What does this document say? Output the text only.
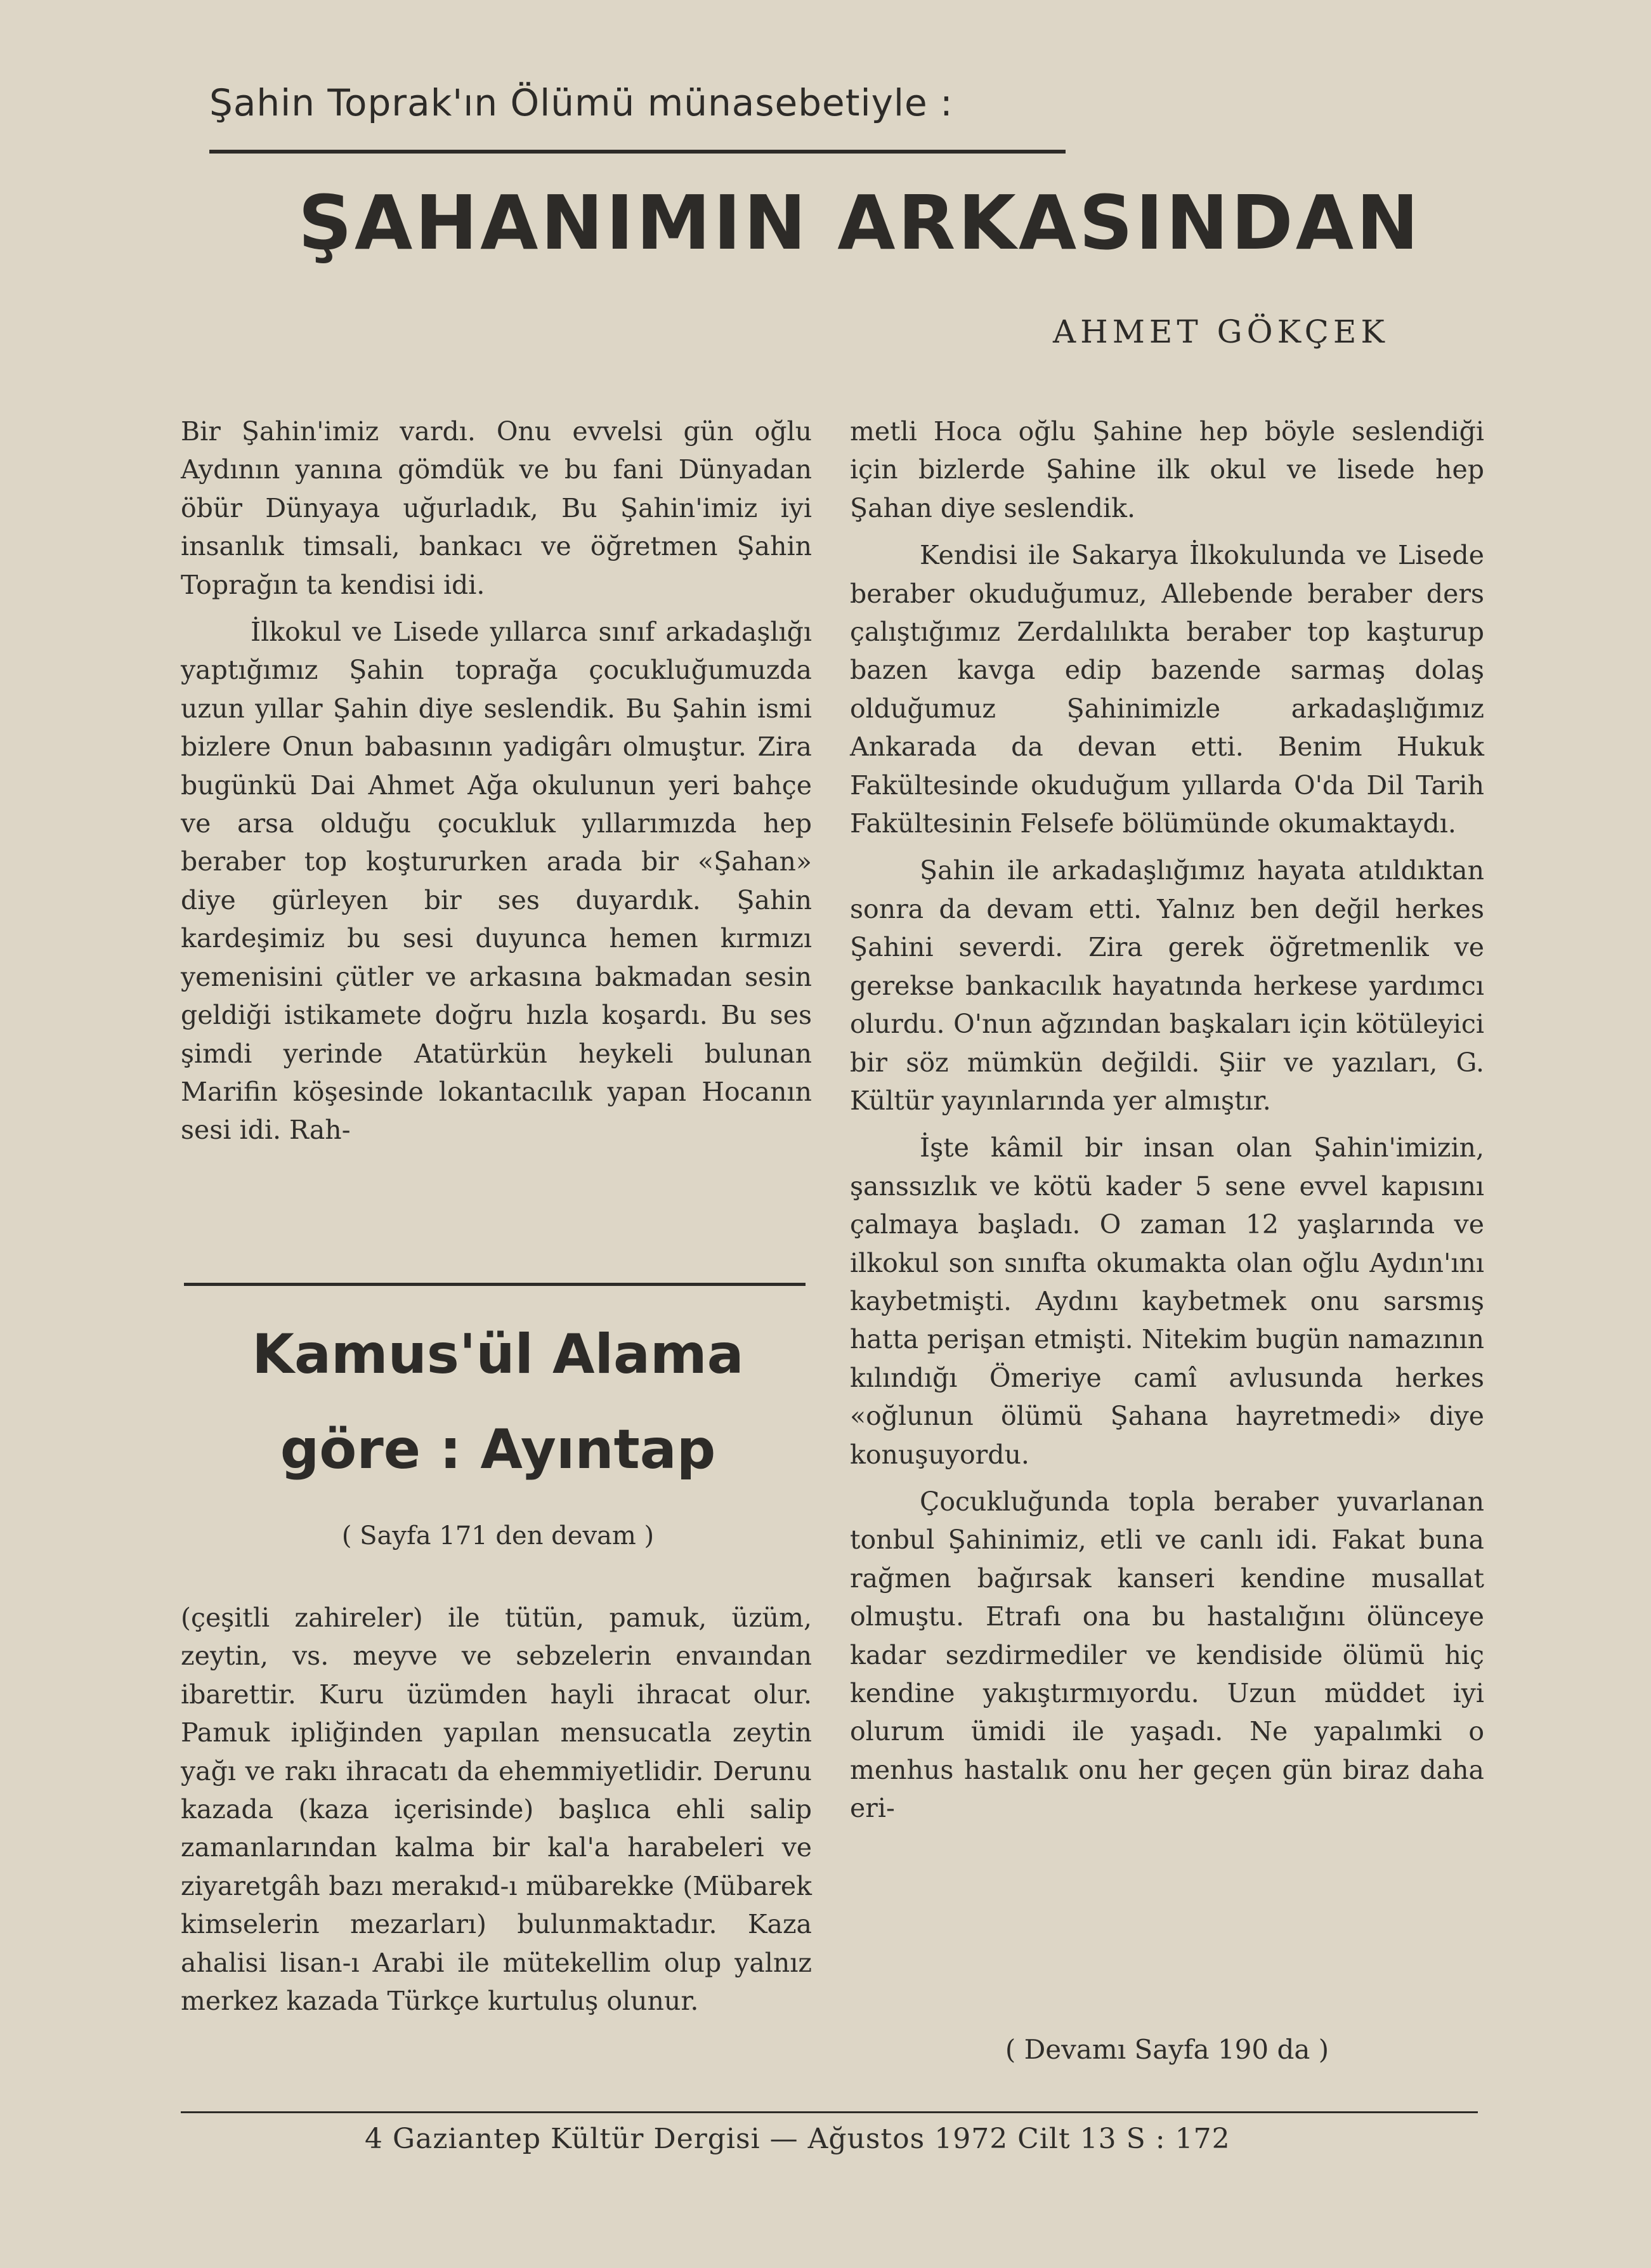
Şahin Toprak'ın Ölümü münasebetiyle :
ŞAHANIMIN ARKASINDAN
AHMET GÖKÇEK

Bir Şahin'imiz vardı. Onu evvelsi gün oğlu Aydının yanına gömdük ve bu fani Dünyadan öbür Dünyaya uğurladık, Bu Şahin'imiz iyi insanlık timsali, bankacı ve öğretmen Şahin Toprağın ta kendisi idi.

İlkokul ve Lisede yıllarca sınıf arkadaşlığı yaptığımız Şahin toprağa çocukluğumuzda uzun yıllar Şahin diye seslendik. Bu Şahin ismi bizlere Onun babasının yadigârı olmuştur. Zira bugünkü Dai Ahmet Ağa okulunun yeri bahçe ve arsa olduğu çocukluk yıllarımızda hep beraber top koştururken arada bir «Şahan» diye gürleyen bir ses duyardık. Şahin kardeşimiz bu sesi duyunca hemen kırmızı yemenisini çütler ve arkasına bakmadan sesin geldiği istikamete doğru hızla koşardı. Bu ses şimdi yerinde Atatürkün heykeli bulunan Marifin köşesinde lokantacılık yapan Hocanın sesi idi. Rah-

metli Hoca oğlu Şahine hep böyle seslendiği için bizlerde Şahine ilk okul ve lisede hep Şahan diye seslendik.

Kendisi ile Sakarya İlkokulunda ve Lisede beraber okuduğumuz, Allebende beraber ders çalıştığımız Zerdalılıkta beraber top kaşturup bazen kavga edip bazende sarmaş dolaş olduğumuz Şahinimizle arkadaşlığımız Ankarada da devan etti. Benim Hukuk Fakültesinde okuduğum yıllarda O'da Dil Tarih Fakültesinin Felsefe bölümünde okumaktaydı.

Şahin ile arkadaşlığımız hayata atıldıktan sonra da devam etti. Yalnız ben değil herkes Şahini severdi. Zira gerek öğretmenlik ve gerekse bankacılık hayatında herkese yardımcı olurdu. O'nun ağzından başkaları için kötüleyici bir söz mümkün değildi. Şiir ve yazıları, G. Kültür yayınlarında yer almıştır.

İşte kâmil bir insan olan Şahin'imizin, şanssızlık ve kötü kader 5 sene evvel kapısını çalmaya başladı. O zaman 12 yaşlarında ve ilkokul son sınıfta okumakta olan oğlu Aydın'ını kaybetmişti. Aydını kaybetmek onu sarsmış hatta perişan etmişti. Nitekim bugün namazının kılındığı Ömeriye camî avlusunda herkes «oğlunun ölümü Şahana hayretmedi» diye konuşuyordu.

Çocukluğunda topla beraber yuvarlanan tonbul Şahinimiz, etli ve canlı idi. Fakat buna rağmen bağırsak kanseri kendine musallat olmuştu. Etrafı ona bu hastalığını ölünceye kadar sezdirmediler ve kendiside ölümü hiç kendine yakıştırmıyordu. Uzun müddet iyi olurum ümidi ile yaşadı. Ne yapalımki o menhus hastalık onu her geçen gün biraz daha eri-

( Devamı Sayfa 190 da )
Kamus'ül Alama
göre : Ayıntap
( Sayfa 171 den devam )

(çeşitli zahireler) ile tütün, pamuk, üzüm, zeytin, vs. meyve ve sebzelerin envaından ibarettir. Kuru üzümden hayli ihracat olur. Pamuk ipliğinden yapılan mensucatla zeytin yağı ve rakı ihracatı da ehemmiyetlidir. Derunu kazada (kaza içerisinde) başlıca ehli salip zamanlarından kalma bir kal'a harabeleri ve ziyaretgâh bazı merakıd-ı mübarekke (Mübarek kimselerin mezarları) bulunmaktadır. Kaza ahalisi lisan-ı Arabi ile mütekellim olup yalnız merkez kazada Türkçe kurtuluş olunur.

4 Gaziantep Kültür Dergisi — Ağustos 1972 Cilt 13 S : 172
